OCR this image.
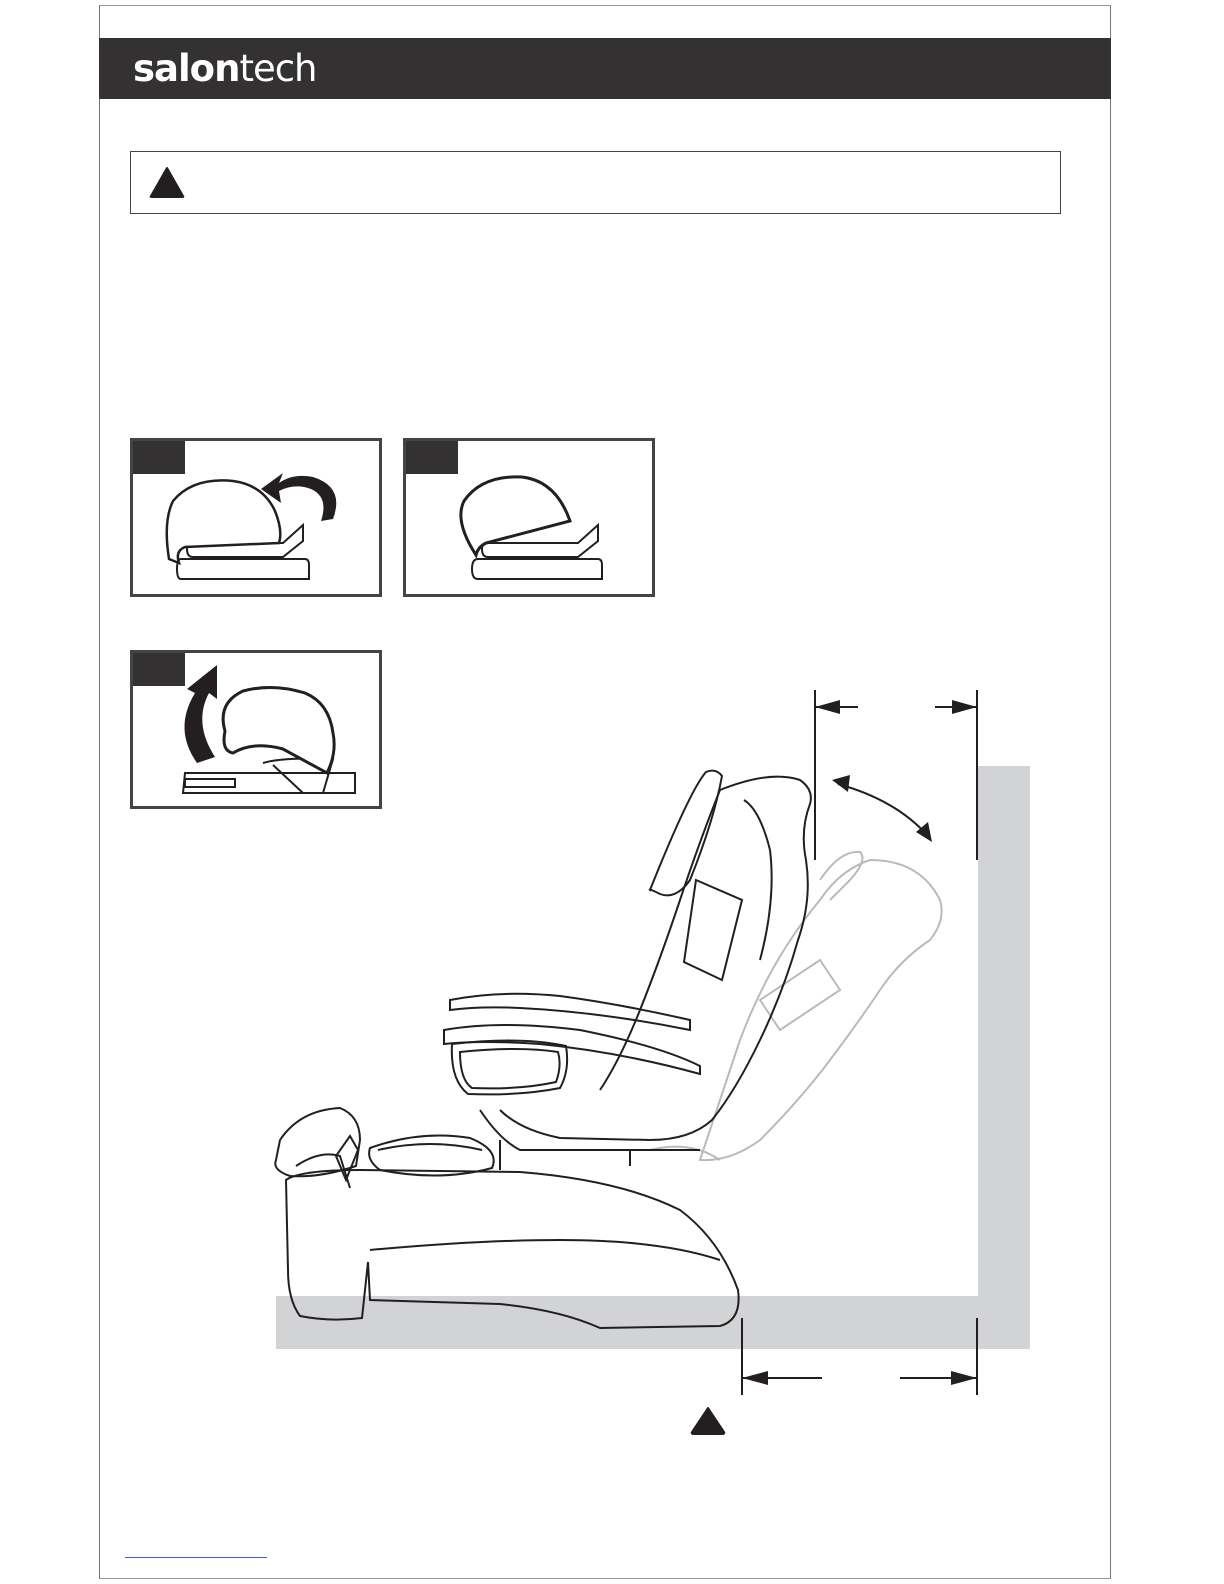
salontech
